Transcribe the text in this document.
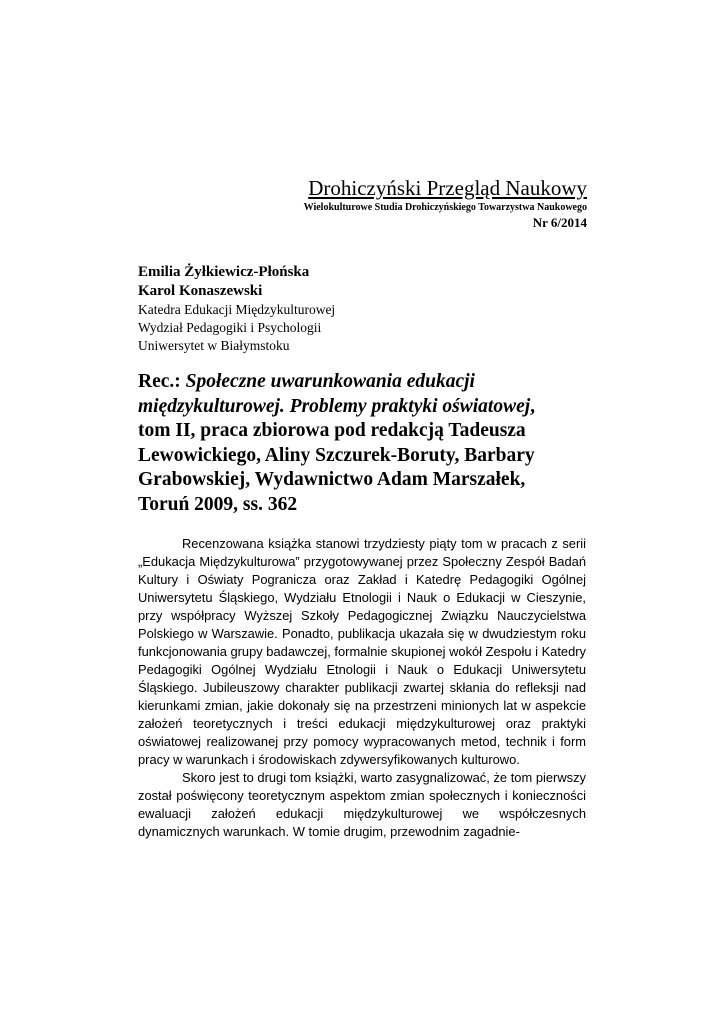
Drohiczyński Przegląd Naukowy
Wielokulturowe Studia Drohiczyńskiego Towarzystwa Naukowego
Nr 6/2014
Emilia Żyłkiewicz-Płońska
Karol Konaszewski
Katedra Edukacji Międzykulturowej
Wydział Pedagogiki i Psychologii
Uniwersytet w Białymstoku
Rec.: Społeczne uwarunkowania edukacji międzykulturowej. Problemy praktyki oświatowej, tom II, praca zbiorowa pod redakcją Tadeusza Lewowickiego, Aliny Szczurek-Boruty, Barbary Grabowskiej, Wydawnictwo Adam Marszałek, Toruń 2009, ss. 362

Recenzowana książka stanowi trzydziesty piąty tom w pracach z serii „Edukacja Międzykulturowa” przygotowywanej przez Społeczny Zespół Badań Kultury i Oświaty Pogranicza oraz Zakład i Katedrę Pedagogiki Ogólnej Uniwersytetu Śląskiego, Wydziału Etnologii i Nauk o Edukacji w Cieszynie, przy współpracy Wyższej Szkoły Pedagogicznej Związku Nauczycielstwa Polskiego w Warszawie. Ponadto, publikacja ukazała się w dwudziestym roku funkcjonowania grupy badawczej, formalnie skupionej wokół Zespołu i Katedry Pedagogiki Ogólnej Wydziału Etnologii i Nauk o Edukacji Uniwersytetu Śląskiego. Jubileuszowy charakter publikacji zwartej skłania do refleksji nad kierunkami zmian, jakie dokonały się na przestrzeni minionych lat w aspekcie założeń teoretycznych i treści edukacji międzykulturowej oraz praktyki oświatowej realizowanej przy pomocy wypracowanych metod, technik i form pracy w warunkach i środowiskach zdywersyfikowanych kulturowo.

Skoro jest to drugi tom książki, warto zasygnalizować, że tom pierwszy został poświęcony teoretycznym aspektom zmian społecznych i konieczności ewaluacji założeń edukacji międzykulturowej we współczesnych dynamicznych warunkach. W tomie drugim, przewodnim zagadnie-
